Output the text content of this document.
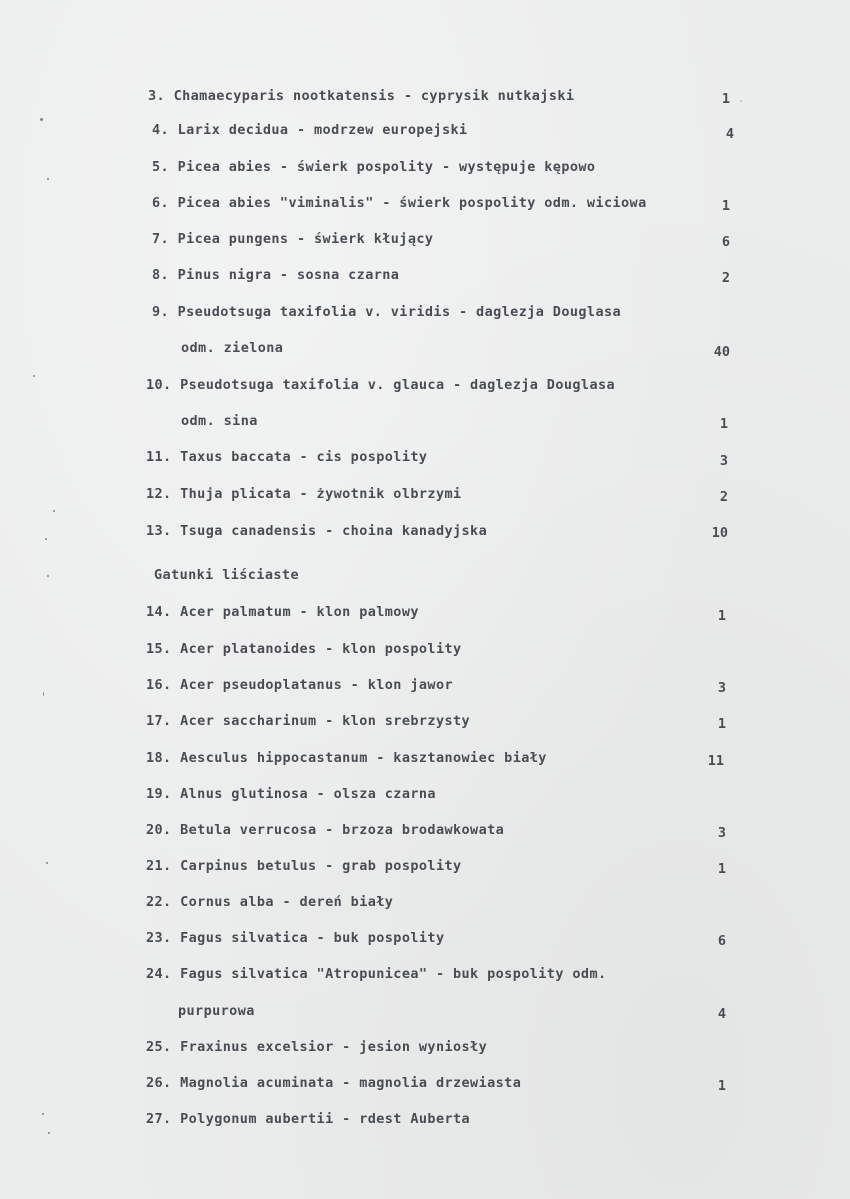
3. Chamaecyparis nootkatensis - cyprysik nutkajski	1
4. Larix decidua - modrzew europejski	4
5. Picea abies - świerk pospolity - występuje kępowo
6. Picea abies "viminalis" - świerk pospolity odm. wiciowa	1
7. Picea pungens - świerk kłujący	6
8. Pinus nigra - sosna czarna	2
9. Pseudotsuga taxifolia v. viridis - daglezja Douglasa
odm. zielona	40
10. Pseudotsuga taxifolia v. glauca - daglezja Douglasa
odm. sina	1
11. Taxus baccata - cis pospolity	3
12. Thuja plicata - żywotnik olbrzymi	2
13. Tsuga canadensis - choina kanadyjska	10
Gatunki liściaste
14. Acer palmatum - klon palmowy	1
15. Acer platanoides - klon pospolity
16. Acer pseudoplatanus - klon jawor	3
17. Acer saccharinum - klon srebrzysty	1
18. Aesculus hippocastanum - kasztanowiec biały	11
19. Alnus glutinosa - olsza czarna
20. Betula verrucosa - brzoza brodawkowata	3
21. Carpinus betulus - grab pospolity	1
22. Cornus alba - dereń biały
23. Fagus silvatica - buk pospolity	6
24. Fagus silvatica "Atropunicea" - buk pospolity odm.
purpurowa	4
25. Fraxinus excelsior - jesion wyniosły
26. Magnolia acuminata - magnolia drzewiasta	1
27. Polygonum aubertii - rdest Auberta
